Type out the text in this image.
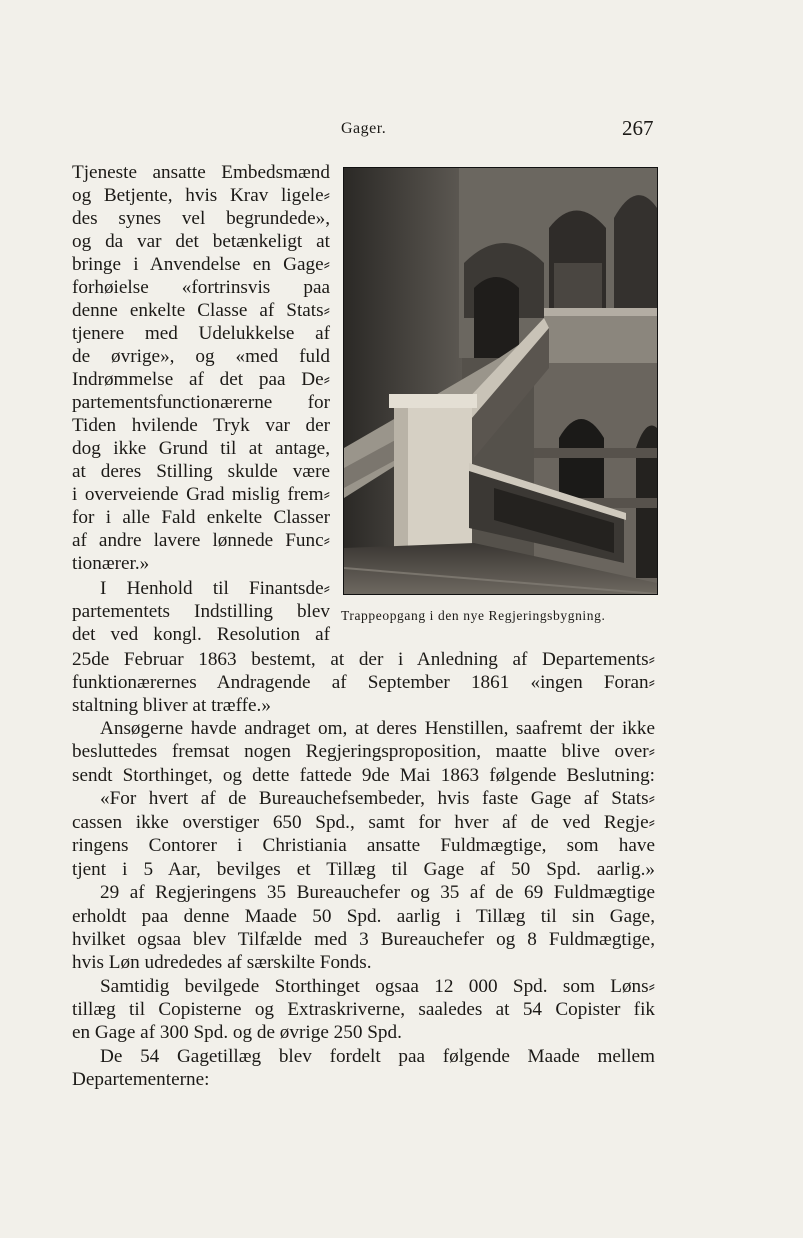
Gager.	267
Trappeopgang i den nye Regjeringsbygning.
Tjeneste ansatte Embedsmænd
og Betjente, hvis Krav ligele⸗
des synes vel begrundede»,
og da var det betænkeligt at
bringe i Anvendelse en Gage⸗
forhøielse «fortrinsvis paa
denne enkelte Classe af Stats⸗
tjenere med Udelukkelse af
de øvrige», og «med fuld
Indrømmelse af det paa De⸗
partementsfunctionærerne for
Tiden hvilende Tryk var der
dog ikke Grund til at antage,
at deres Stilling skulde være
i overveiende Grad mislig frem⸗
for i alle Fald enkelte Classer
af andre lavere lønnede Func⸗
tionærer.»
I Henhold til Finantsde⸗
partementets Indstilling blev
det ved kongl. Resolution af
25de Februar 1863 bestemt, at der i Anledning af Departements⸗
funktionærernes Andragende af September 1861 «ingen Foran⸗
staltning bliver at træffe.»
Ansøgerne havde andraget om, at deres Henstillen, saafremt der ikke
besluttedes fremsat nogen Regjeringsproposition, maatte blive over⸗
sendt Storthinget, og dette fattede 9de Mai 1863 følgende Beslutning:
«For hvert af de Bureauchefsembeder, hvis faste Gage af Stats⸗
cassen ikke overstiger 650 Spd., samt for hver af de ved Regje⸗
ringens Contorer i Christiania ansatte Fuldmægtige, som have
tjent i 5 Aar, bevilges et Tillæg til Gage af 50 Spd. aarlig.»
29 af Regjeringens 35 Bureauchefer og 35 af de 69 Fuldmægtige
erholdt paa denne Maade 50 Spd. aarlig i Tillæg til sin Gage,
hvilket ogsaa blev Tilfælde med 3 Bureauchefer og 8 Fuldmægtige,
hvis Løn udrededes af særskilte Fonds.
Samtidig bevilgede Storthinget ogsaa 12 000 Spd. som Løns⸗
tillæg til Copisterne og Extraskriverne, saaledes at 54 Copister fik
en Gage af 300 Spd. og de øvrige 250 Spd.
De 54 Gagetillæg blev fordelt paa følgende Maade mellem
Departementerne:
